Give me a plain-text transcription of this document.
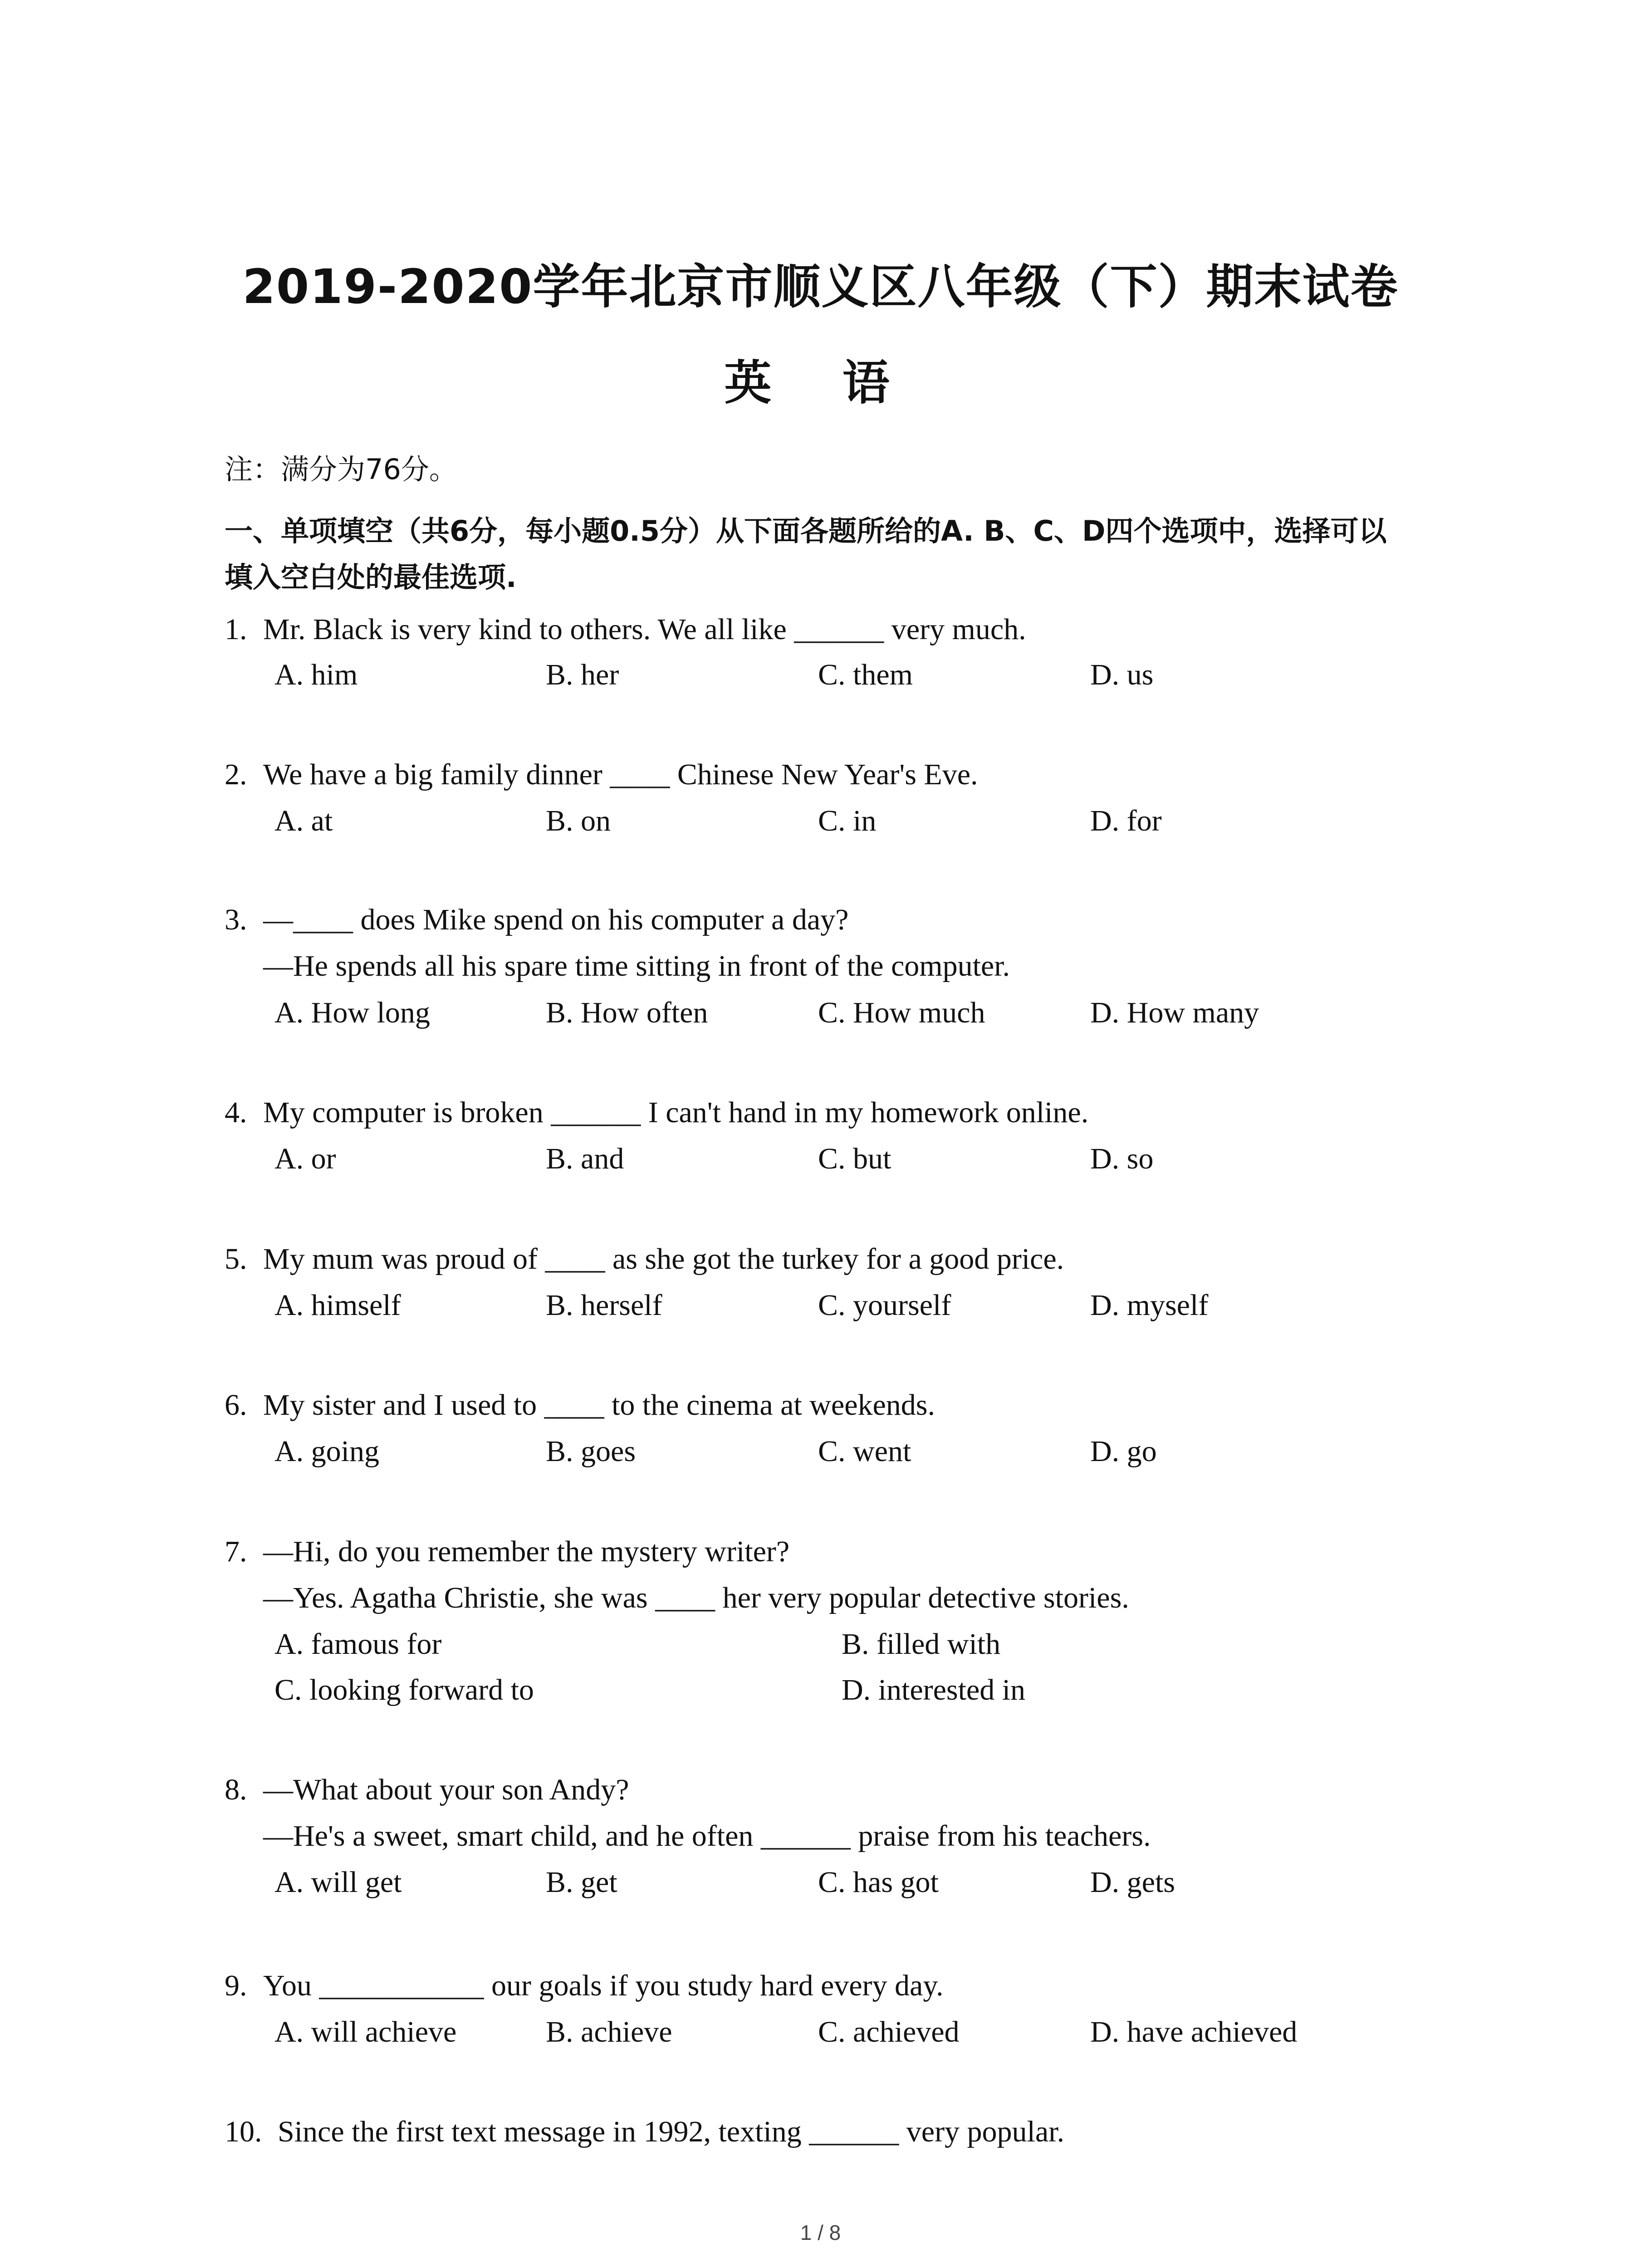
2019-2020学年北京市顺义区八年级（下）期末试卷
英 语
注：满分为76分。
一、单项填空（共6分，每小题0.5分）从下面各题所给的A. B、C、D四个选项中，选择可以
填入空白处的最佳选项.
1. Mr. Black is very kind to others. We all like ______ very much.
A. him	B. her	C. them	D. us
2. We have a big family dinner ____ Chinese New Year's Eve.
A. at	B. on	C. in	D. for
3. —____ does Mike spend on his computer a day?
—He spends all his spare time sitting in front of the computer.
A. How long	B. How often	C. How much	D. How many
4. My computer is broken ______ I can't hand in my homework online.
A. or	B. and	C. but	D. so
5. My mum was proud of ____ as she got the turkey for a good price.
A. himself	B. herself	C. yourself	D. myself
6. My sister and I used to ____ to the cinema at weekends.
A. going	B. goes	C. went	D. go
7. —Hi, do you remember the mystery writer?
—Yes. Agatha Christie, she was ____ her very popular detective stories.
A. famous for	B. filled with
C. looking forward to	D. interested in
8. —What about your son Andy?
—He's a sweet, smart child, and he often ______ praise from his teachers.
A. will get	B. get	C. has got	D. gets
9. You ___________ our goals if you study hard every day.
A. will achieve	B. achieve	C. achieved	D. have achieved
10. Since the first text message in 1992, texting ______ very popular.
1 / 8
